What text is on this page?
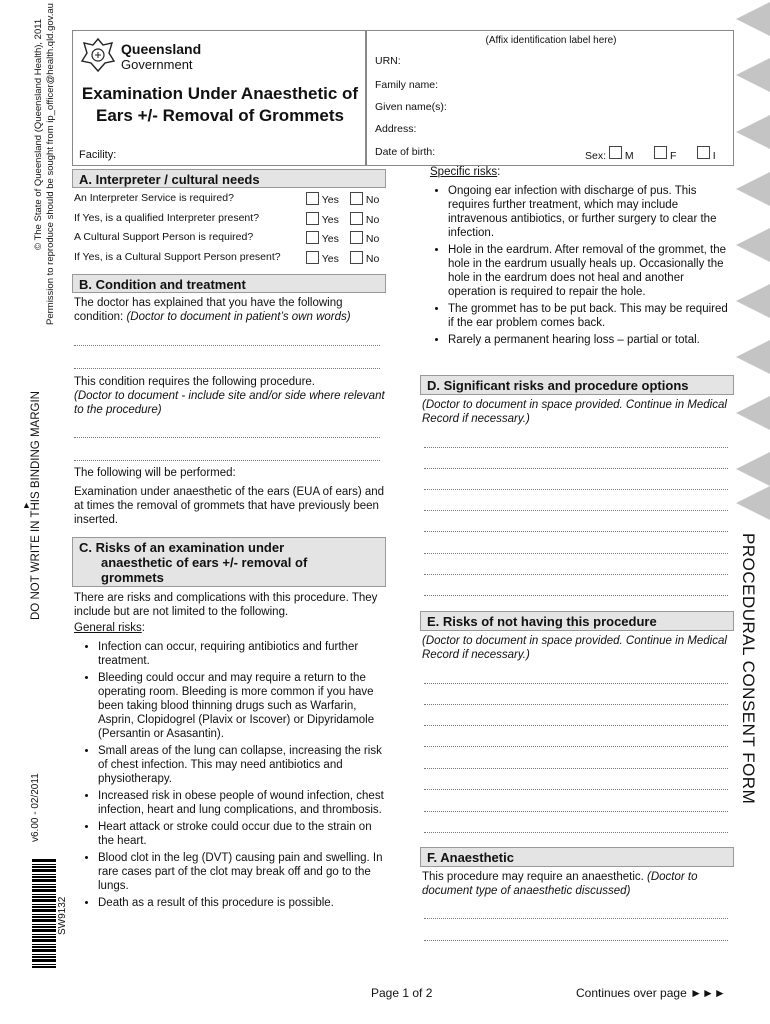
© The State of Queensland (Queensland Health), 2011 Permission to reproduce should be sought from ip_officer@health.qld.gov.au
DO NOT WRITE IN THIS BINDING MARGIN
▲
v6.00 - 02/2011
SW9132
PROCEDURAL CONSENT FORM
Queensland
Government
Examination Under Anaesthetic of Ears +/- Removal of Grommets
Facility:
(Affix identification label here)
URN:
Family name:
Given name(s):
Address:
Date of birth:	Sex: M	F	I
A. Interpreter / cultural needs
An Interpreter Service is required?	Yes	No
If Yes, is a qualified Interpreter present?	Yes	No
A Cultural Support Person is required?	Yes	No
If Yes, is a Cultural Support Person present?	Yes	No
B. Condition and treatment
The doctor has explained that you have the following
condition: (Doctor to document in patient’s own words)
This condition requires the following procedure.
(Doctor to document - include site and/or side where relevant to the procedure)
The following will be performed:
Examination under anaesthetic of the ears (EUA of ears) and at times the removal of grommets that have previously been inserted.
C. Risks of an examination under
anaesthetic of ears +/- removal of
grommets
There are risks and complications with this procedure. They include but are not limited to the following.
General risks:
• Infection can occur, requiring antibiotics and further treatment.
• Bleeding could occur and may require a return to the operating room. Bleeding is more common if you have been taking blood thinning drugs such as Warfarin, Asprin, Clopidogrel (Plavix or Iscover) or Dipyridamole (Persantin or Asasantin).
• Small areas of the lung can collapse, increasing the risk of chest infection. This may need antibiotics and physiotherapy.
• Increased risk in obese people of wound infection, chest infection, heart and lung complications, and thrombosis.
• Heart attack or stroke could occur due to the strain on the heart.
• Blood clot in the leg (DVT) causing pain and swelling. In rare cases part of the clot may break off and go to the lungs.
• Death as a result of this procedure is possible.
Specific risks:
• Ongoing ear infection with discharge of pus. This requires further treatment, which may include intravenous antibiotics, or further surgery to clear the infection.
• Hole in the eardrum. After removal of the grommet, the hole in the eardrum usually heals up. Occasionally the hole in the eardrum does not heal and another operation is required to repair the hole.
• The grommet has to be put back. This may be required if the ear problem comes back.
• Rarely a permanent hearing loss – partial or total.
D. Significant risks and procedure options
(Doctor to document in space provided. Continue in Medical Record if necessary.)
E. Risks of not having this procedure
(Doctor to document in space provided. Continue in Medical Record if necessary.)
F. Anaesthetic
This procedure may require an anaesthetic. (Doctor to document type of anaesthetic discussed)
Page 1 of 2	Continues over page ►►►
